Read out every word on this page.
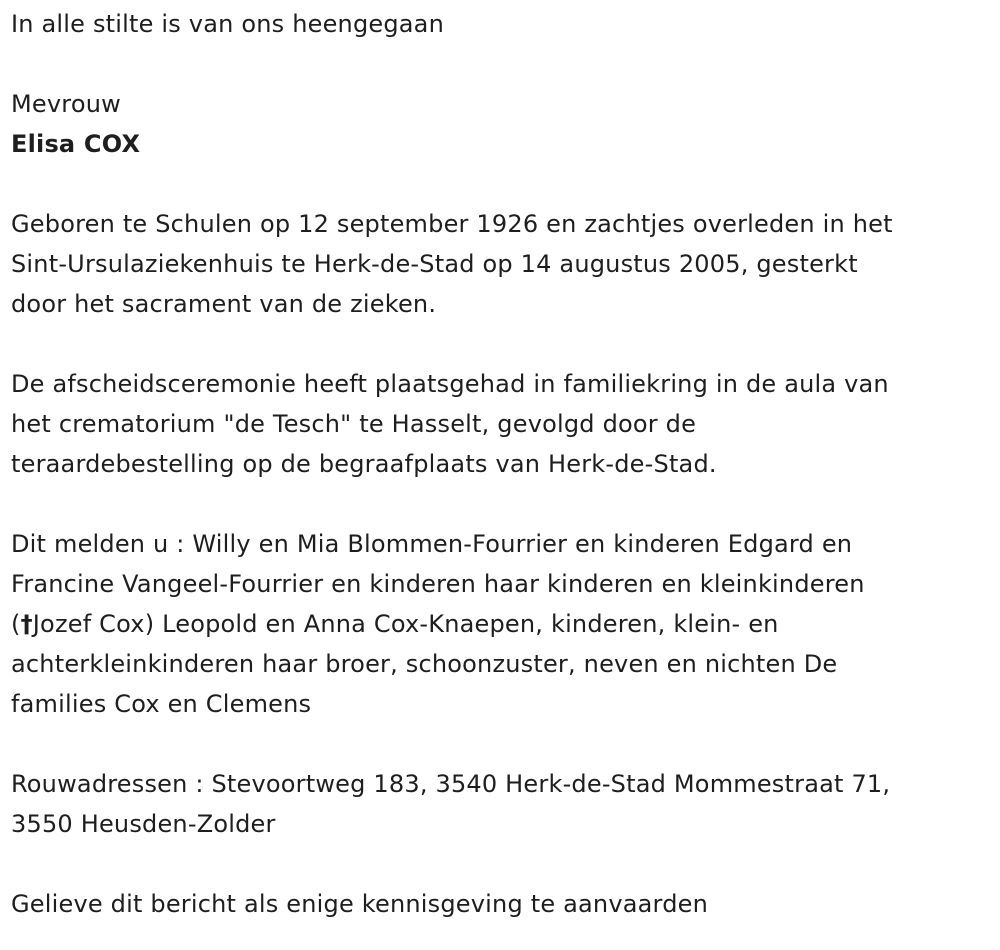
In alle stilte is van ons heengegaan

Mevrouw

Elisa COX

Geboren te Schulen op 12 september 1926 en zachtjes overleden in het
Sint-Ursulaziekenhuis te Herk-de-Stad op 14 augustus 2005, gesterkt
door het sacrament van de zieken.

De afscheidsceremonie heeft plaatsgehad in familiekring in de aula van
het crematorium "de Tesch" te Hasselt, gevolgd door de
teraardebestelling op de begraafplaats van Herk-de-Stad.

Dit melden u : Willy en Mia Blommen-Fourrier en kinderen Edgard en
Francine Vangeel-Fourrier en kinderen haar kinderen en kleinkinderen
(†Jozef Cox) Leopold en Anna Cox-Knaepen, kinderen, klein- en
achterkleinkinderen haar broer, schoonzuster, neven en nichten De
families Cox en Clemens

Rouwadressen : Stevoortweg 183, 3540 Herk-de-Stad Mommestraat 71,
3550 Heusden-Zolder

Gelieve dit bericht als enige kennisgeving te aanvaarden
